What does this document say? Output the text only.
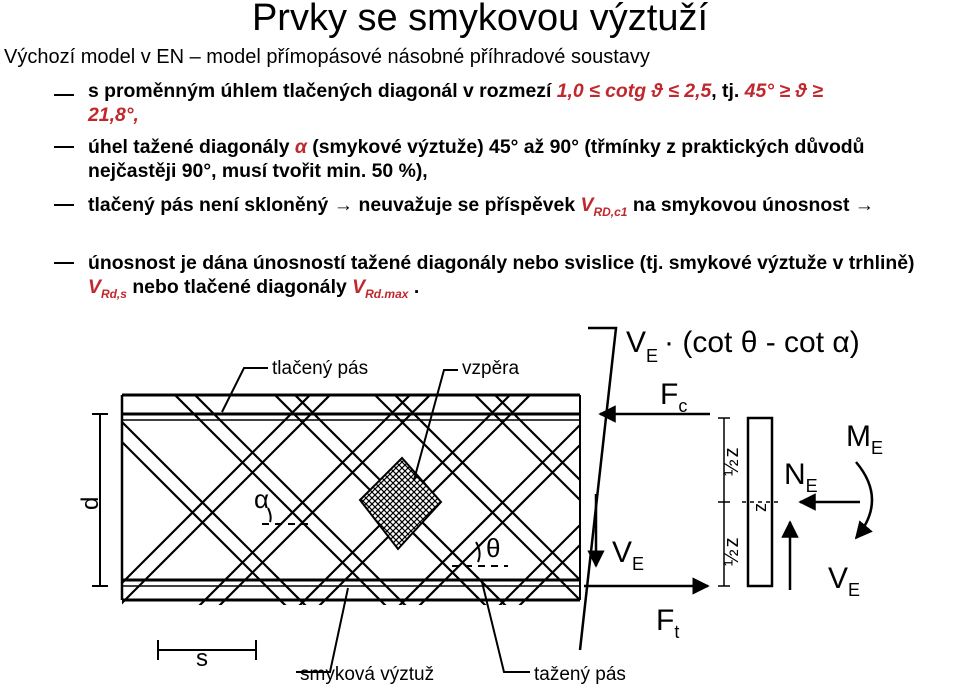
Prvky se smykovou výztuží
Výchozí model v EN – model přímopásové násobné příhradové soustavy
s proměnným úhlem tlačených diagonál v rozmezí 1,0 ≤ cotg ϑ ≤ 2,5, tj. 45° ≥ ϑ ≥
21,8°,
úhel tažené diagonály α (smykové výztuže) 45° až 90° (třmínky z praktických důvodů nejčastěji 90°, musí tvořit min. 50 %),
tlačený pás není skloněný → neuvažuje se příspěvek $V_{RD,c1}$ na smykovou únosnost →
únosnost je dána únosností tažené diagonály nebo svislice (tj. smykové výztuže v trhlině) $V_{Rd,s}$ nebo tlačené diagonály $V_{Rd.max}$ .
α
θ
tlačený pás	vzpěra
smyková výztuž	tažený pás
d
s
$V_E \cdot (\cot$ θ - cot α)
$F_c$
$F_t$
$V_E$
½z
½z
z
$N_E$
$M_E$
$V_E$
